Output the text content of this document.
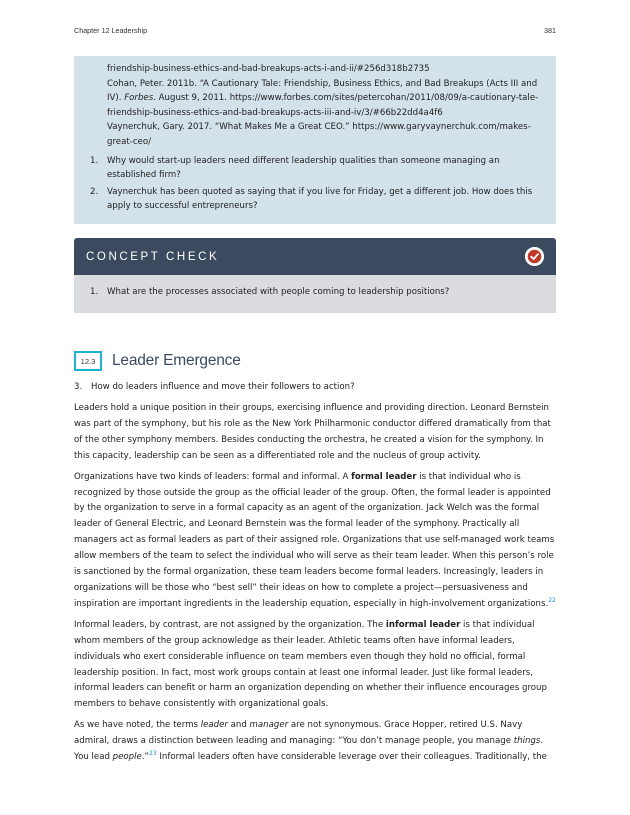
Chapter 12 Leadership	381

friendship-business-ethics-and-bad-breakups-acts-i-and-ii/#256d318b2735

Cohan, Peter. 2011b. “A Cautionary Tale: Friendship, Business Ethics, and Bad Breakups (Acts III and IV). Forbes. August 9, 2011. https://www.forbes.com/sites/petercohan/2011/08/09/a-cautionary-tale-friendship-business-ethics-and-bad-breakups-acts-iii-and-iv/3/#66b22dd4a4f6

Vaynerchuk, Gary. 2017. “What Makes Me a Great CEO.” https://www.garyvaynerchuk.com/makes-great-ceo/

1. Why would start-up leaders need different leadership qualities than someone managing an established firm?
2. Vaynerchuk has been quoted as saying that if you live for Friday, get a different job. How does this apply to successful entrepreneurs?
CONCEPT CHECK
1. What are the processes associated with people coming to leadership positions?
12.3	Leader Emergence
3. How do leaders influence and move their followers to action?

Leaders hold a unique position in their groups, exercising influence and providing direction. Leonard Bernstein was part of the symphony, but his role as the New York Philharmonic conductor differed dramatically from that of the other symphony members. Besides conducting the orchestra, he created a vision for the symphony. In this capacity, leadership can be seen as a differentiated role and the nucleus of group activity.

Organizations have two kinds of leaders: formal and informal. A formal leader is that individual who is recognized by those outside the group as the official leader of the group. Often, the formal leader is appointed by the organization to serve in a formal capacity as an agent of the organization. Jack Welch was the formal leader of General Electric, and Leonard Bernstein was the formal leader of the symphony. Practically all managers act as formal leaders as part of their assigned role. Organizations that use self-managed work teams allow members of the team to select the individual who will serve as their team leader. When this person’s role is sanctioned by the formal organization, these team leaders become formal leaders. Increasingly, leaders in organizations will be those who “best sell” their ideas on how to complete a project—persuasiveness and inspiration are important ingredients in the leadership equation, especially in high-involvement organizations.$^{22}$

Informal leaders, by contrast, are not assigned by the organization. The informal leader is that individual whom members of the group acknowledge as their leader. Athletic teams often have informal leaders, individuals who exert considerable influence on team members even though they hold no official, formal leadership position. In fact, most work groups contain at least one informal leader. Just like formal leaders, informal leaders can benefit or harm an organization depending on whether their influence encourages group members to behave consistently with organizational goals.

As we have noted, the terms leader and manager are not synonymous. Grace Hopper, retired U.S. Navy admiral, draws a distinction between leading and managing: “You don’t manage people, you manage things. You lead people.”$^{23}$ Informal leaders often have considerable leverage over their colleagues. Traditionally, the
